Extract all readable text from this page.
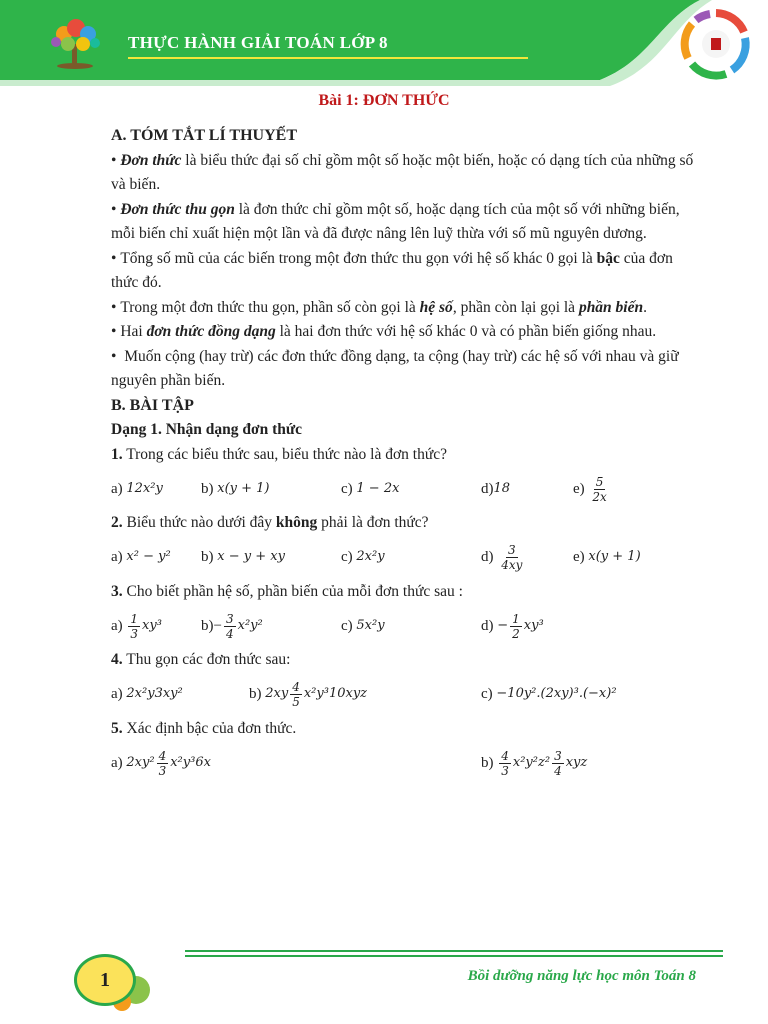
THỰC HÀNH GIẢI TOÁN LỚP 8
Bài 1: ĐƠN THỨC

A. TÓM TẮT LÍ THUYẾT

• Đơn thức là biểu thức đại số chỉ gồm một số hoặc một biến, hoặc có dạng tích của những số và biến.

• Đơn thức thu gọn là đơn thức chỉ gồm một số, hoặc dạng tích của một số với những biến, mỗi biến chỉ xuất hiện một lần và đã được nâng lên luỹ thừa với số mũ nguyên dương.

• Tổng số mũ của các biến trong một đơn thức thu gọn với hệ số khác 0 gọi là bậc của đơn thức đó.

• Trong một đơn thức thu gọn, phần số còn gọi là hệ số, phần còn lại gọi là phần biến.

• Hai đơn thức đồng dạng là hai đơn thức với hệ số khác 0 và có phần biến giống nhau.

•  Muốn cộng (hay trừ) các đơn thức đồng dạng, ta cộng (hay trừ) các hệ số với nhau và giữ nguyên phần biến.

B. BÀI TẬP

Dạng 1. Nhận dạng đơn thức

1. Trong các biểu thức sau, biểu thức nào là đơn thức?

a)
12x²y	b)
x(y + 1)	c)
1 − 2x	d) 18	e)
$\frac{5}{2x}$

2. Biểu thức nào dưới đây không phải là đơn thức?

a)
x² − y² b)
x − y + xy	c)
2x²y	d)
$\frac{3}{4xy}$	e)
x(y + 1)

3. Cho biết phần hệ số, phần biến của mỗi đơn thức sau :

a)
$\frac{1}{3} xy^3$	$b)- \frac{3}{4} x^2y^2$	c)
5x²y	d)
− $\frac{1}{2} xy^3$

4. Thu gọn các đơn thức sau:

a)
2x²y3xy²	b)
$2xy \frac{4}{5} x^2y^310xyz$	c)
−10y².(2xy)³.(−x)²

5. Xác định bậc của đơn thức.

a)
$2xy^2 \frac{4}{3} x^2y^36x$	b)
$\frac{4}{3} x^2y^2z^2 \frac{3}{4}$ xyz
1	Bồi dưỡng năng lực học môn Toán 8
